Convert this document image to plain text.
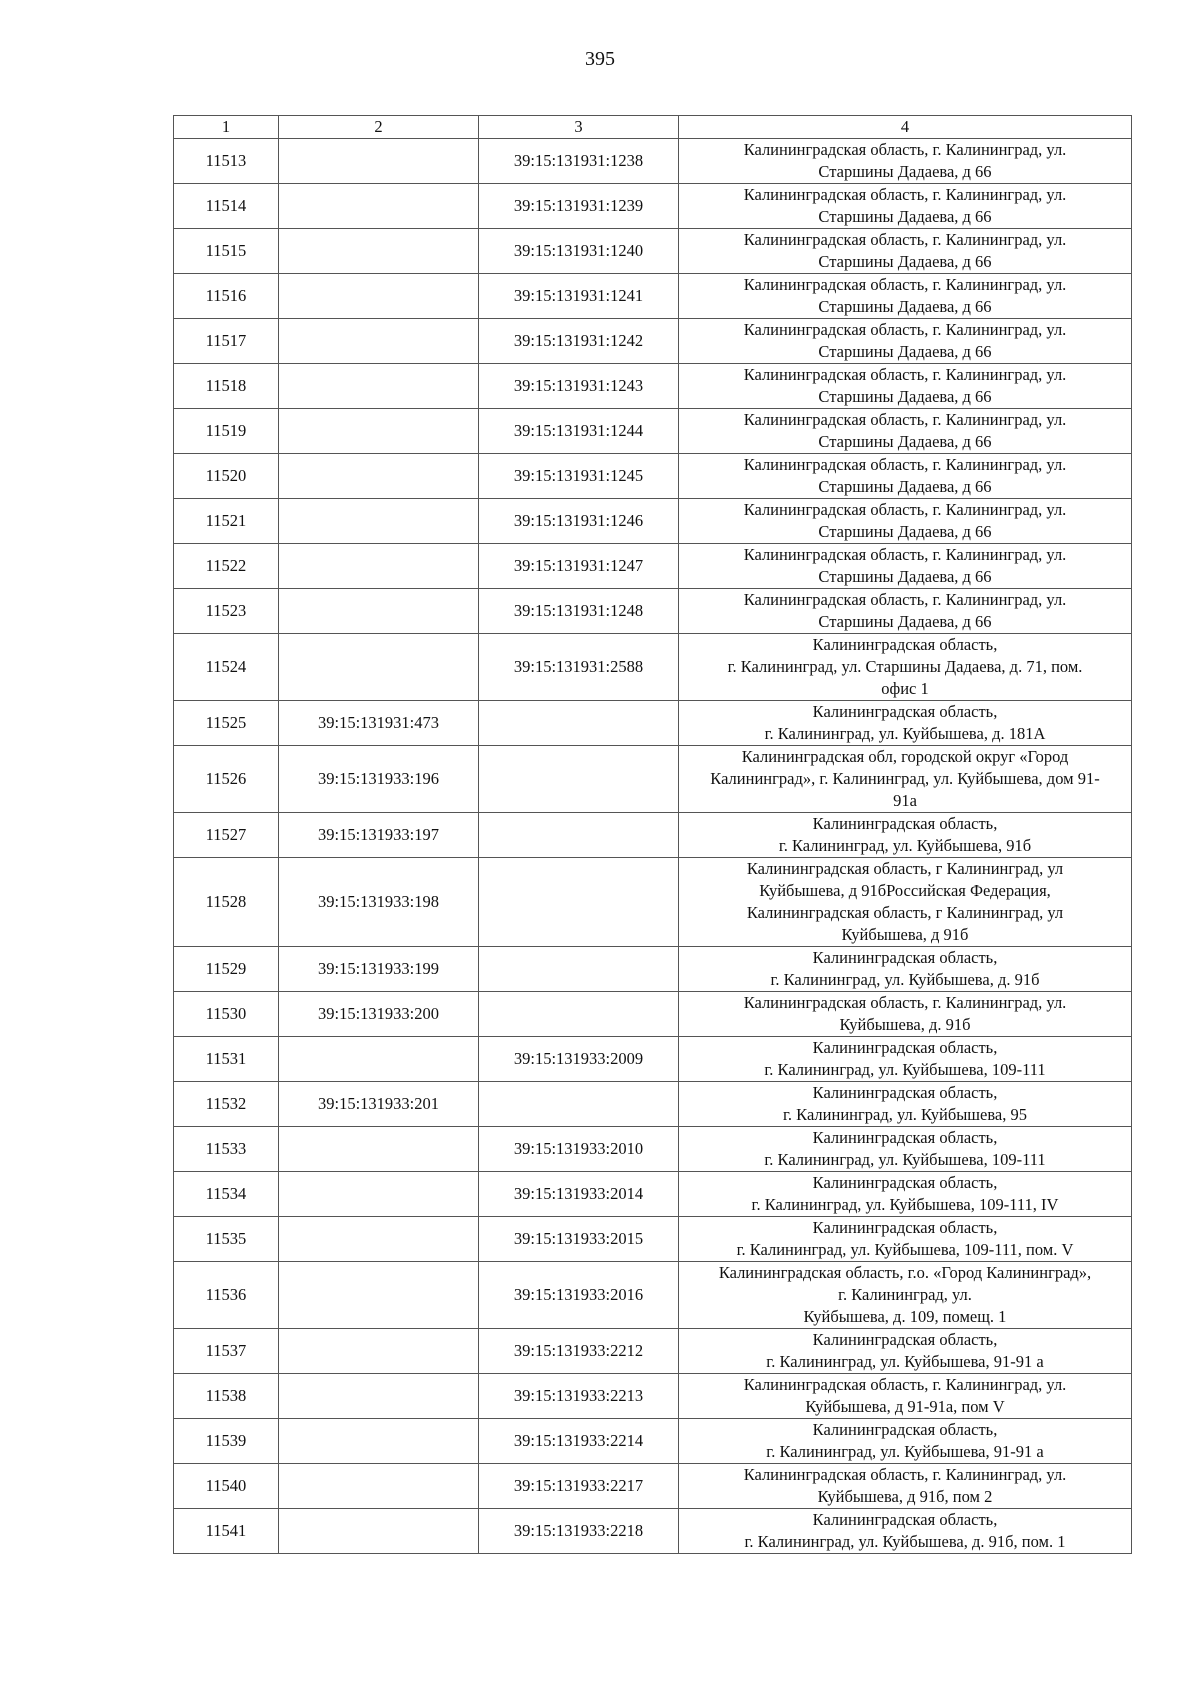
395
1	2	3	4
11513		39:15:131931:1238	Калининградская область, г. Калининград, ул.
Старшины Дадаева, д 66

11514		39:15:131931:1239	Калининградская область, г. Калининград, ул.
Старшины Дадаева, д 66

11515		39:15:131931:1240	Калининградская область, г. Калининград, ул.
Старшины Дадаева, д 66

11516		39:15:131931:1241	Калининградская область, г. Калининград, ул.
Старшины Дадаева, д 66

11517		39:15:131931:1242	Калининградская область, г. Калининград, ул.
Старшины Дадаева, д 66

11518		39:15:131931:1243	Калининградская область, г. Калининград, ул.
Старшины Дадаева, д 66

11519		39:15:131931:1244	Калининградская область, г. Калининград, ул.
Старшины Дадаева, д 66

11520		39:15:131931:1245	Калининградская область, г. Калининград, ул.
Старшины Дадаева, д 66

11521		39:15:131931:1246	Калининградская область, г. Калининград, ул.
Старшины Дадаева, д 66

11522		39:15:131931:1247	Калининградская область, г. Калининград, ул.
Старшины Дадаева, д 66

11523		39:15:131931:1248	Калининградская область, г. Калининград, ул.
Старшины Дадаева, д 66

11524		39:15:131931:2588	Калининградская область,
г. Калининград, ул. Старшины Дадаева, д. 71, пом.
офис 1

11525	39:15:131931:473		Калининградская область,
г. Калининград, ул. Куйбышева, д. 181А

11526	39:15:131933:196		Калининградская обл, городской округ «Город
Калининград», г. Калининград, ул. Куйбышева, дом 91-
91а

11527	39:15:131933:197		Калининградская область,
г. Калининград, ул. Куйбышева, 91б

11528	39:15:131933:198		Калининградская область, г Калининград, ул
Куйбышева, д 91бРоссийская Федерация,
Калининградская область, г Калининград, ул
Куйбышева, д 91б

11529	39:15:131933:199		Калининградская область,
г. Калининград, ул. Куйбышева, д. 91б

11530	39:15:131933:200		Калининградская область, г. Калининград, ул.
Куйбышева, д. 91б

11531		39:15:131933:2009	Калининградская область,
г. Калининград, ул. Куйбышева, 109-111

11532	39:15:131933:201		Калининградская область,
г. Калининград, ул. Куйбышева, 95

11533		39:15:131933:2010	Калининградская область,
г. Калининград, ул. Куйбышева, 109-111

11534		39:15:131933:2014	Калининградская область,
г. Калининград, ул. Куйбышева, 109-111, IV

11535		39:15:131933:2015	Калининградская область,
г. Калининград, ул. Куйбышева, 109-111, пом. V

11536		39:15:131933:2016	Калининградская область, г.о. «Город Калининград»,
г. Калининград, ул.
Куйбышева, д. 109, помещ. 1

11537		39:15:131933:2212	Калининградская область,
г. Калининград, ул. Куйбышева, 91-91 а

11538		39:15:131933:2213	Калининградская область, г. Калининград, ул.
Куйбышева, д 91-91а, пом V

11539		39:15:131933:2214	Калининградская область,
г. Калининград, ул. Куйбышева, 91-91 а

11540		39:15:131933:2217	Калининградская область, г. Калининград, ул.
Куйбышева, д 91б, пом 2

11541		39:15:131933:2218	Калининградская область,
г. Калининград, ул. Куйбышева, д. 91б, пом. 1
